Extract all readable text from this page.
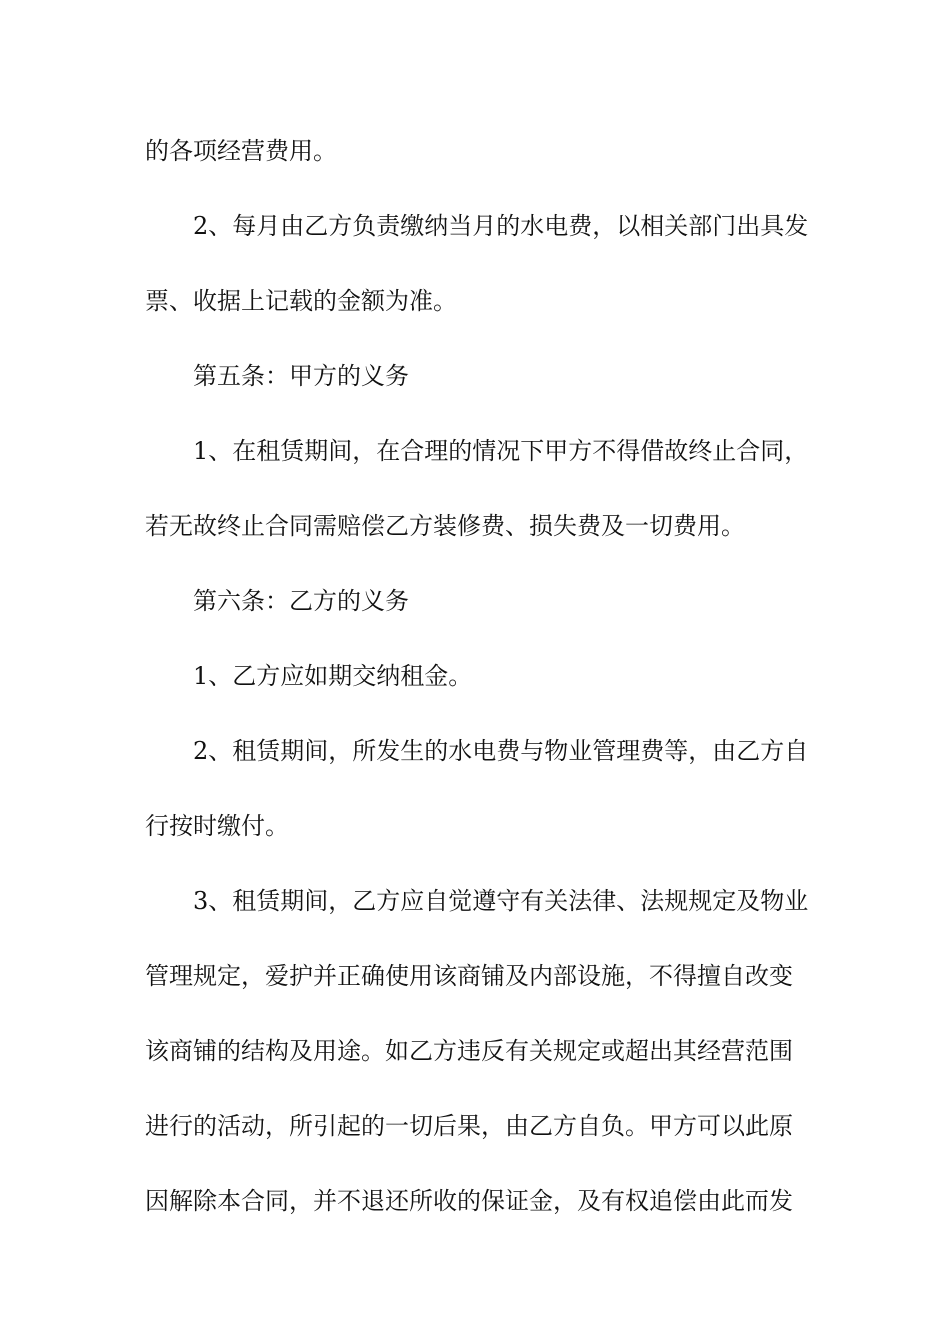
的各项经营费用。
2、每月由乙方负责缴纳当月的水电费，以相关部门出具发
票、收据上记载的金额为准。
第五条：甲方的义务
1、在租赁期间，在合理的情况下甲方不得借故终止合同，
若无故终止合同需赔偿乙方装修费、损失费及一切费用。
第六条：乙方的义务
1、乙方应如期交纳租金。
2、租赁期间，所发生的水电费与物业管理费等，由乙方自
行按时缴付。
3、租赁期间，乙方应自觉遵守有关法律、法规规定及物业
管理规定，爱护并正确使用该商铺及内部设施，不得擅自改变
该商铺的结构及用途。如乙方违反有关规定或超出其经营范围
进行的活动，所引起的一切后果，由乙方自负。甲方可以此原
因解除本合同，并不退还所收的保证金，及有权追偿由此而发
